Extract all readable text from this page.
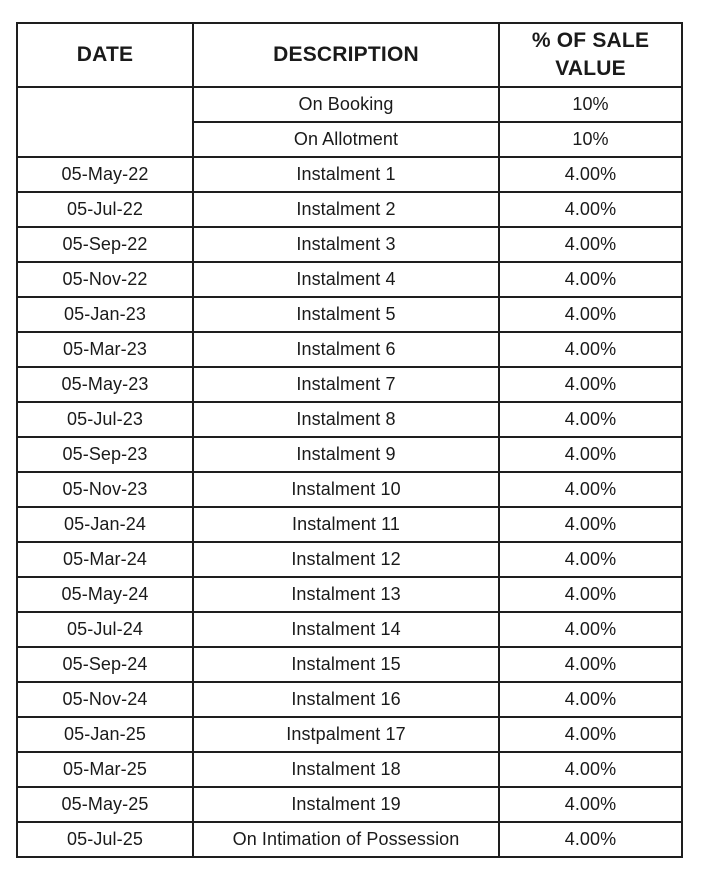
DATE	DESCRIPTION	% OF SALE VALUE
	On Booking	10%
	On Allotment	10%
05-May-22	Instalment 1	4.00%
05-Jul-22	Instalment 2	4.00%
05-Sep-22	Instalment 3	4.00%
05-Nov-22	Instalment 4	4.00%
05-Jan-23	Instalment 5	4.00%
05-Mar-23	Instalment 6	4.00%
05-May-23	Instalment 7	4.00%
05-Jul-23	Instalment 8	4.00%
05-Sep-23	Instalment 9	4.00%
05-Nov-23	Instalment 10	4.00%
05-Jan-24	Instalment 11	4.00%
05-Mar-24	Instalment 12	4.00%
05-May-24	Instalment 13	4.00%
05-Jul-24	Instalment 14	4.00%
05-Sep-24	Instalment 15	4.00%
05-Nov-24	Instalment 16	4.00%
05-Jan-25	Instpalment 17	4.00%
05-Mar-25	Instalment 18	4.00%
05-May-25	Instalment 19	4.00%
05-Jul-25	On Intimation of Possession	4.00%
